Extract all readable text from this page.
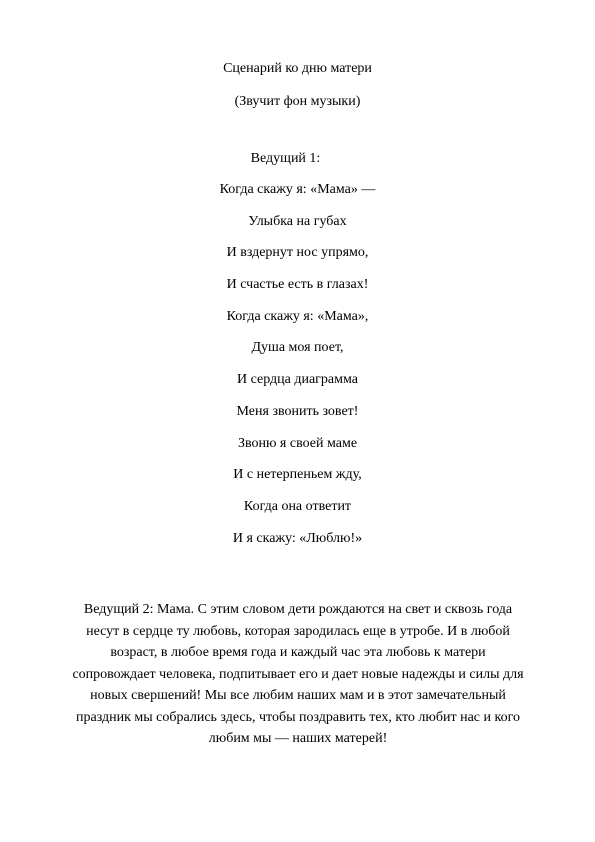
Сценарий ко дню матери
(Звучит фон музыки)
Ведущий 1:
Когда скажу я: «Мама» —
Улыбка на губах
И вздернут нос упрямо,
И счастье есть в глазах!
Когда скажу я: «Мама»,
Душа моя поет,
И сердца диаграмма
Меня звонить зовет!
Звоню я своей маме
И с нетерпеньем жду,
Когда она ответит
И я скажу: «Люблю!»
Ведущий 2: Мама. С этим словом дети рождаются на свет и сквозь года несут в сердце ту любовь, которая зародилась еще в утробе. И в любой возраст, в любое время года и каждый час эта любовь к матери сопровождает человека, подпитывает его и дает новые надежды и силы для новых свершений! Мы все любим наших мам и в этот замечательный праздник мы собрались здесь, чтобы поздравить тех, кто любит нас и кого любим мы — наших матерей!
